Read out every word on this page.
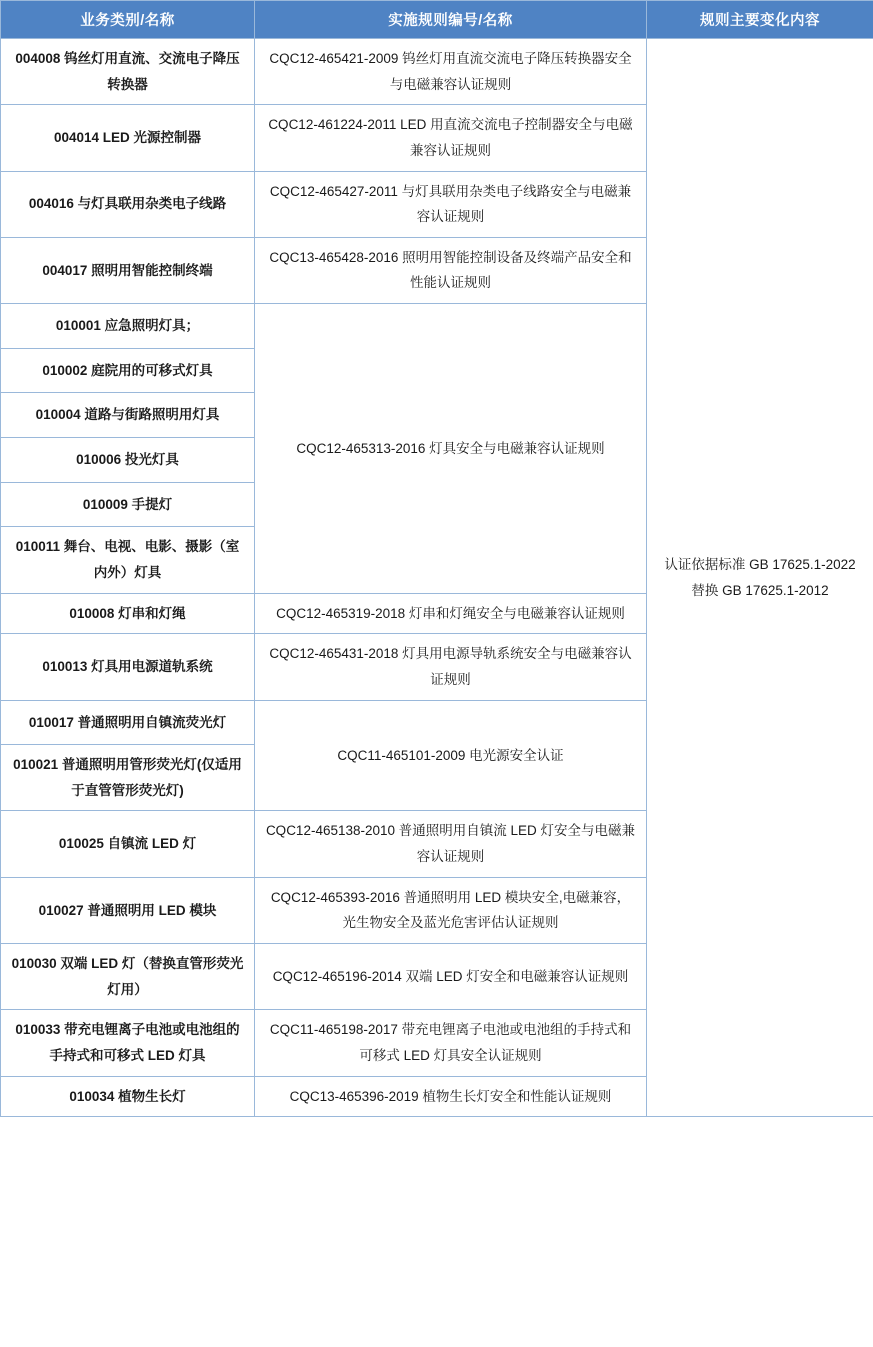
业务类别/名称	实施规则编号/名称	规则主要变化内容
004008 钨丝灯用直流、交流电子降压转换器	CQC12-465421-2009 钨丝灯用直流交流电子降压转换器安全与电磁兼容认证规则	认证依据标准 GB 17625.1-2022 替换 GB 17625.1-2012
004014 LED 光源控制器	CQC12-461224-2011 LED 用直流交流电子控制器安全与电磁兼容认证规则	
004016 与灯具联用杂类电子线路	CQC12-465427-2011 与灯具联用杂类电子线路安全与电磁兼容认证规则	
004017 照明用智能控制终端	CQC13-465428-2016 照明用智能控制设备及终端产品安全和性能认证规则	
010001 应急照明灯具；	CQC12-465313-2016 灯具安全与电磁兼容认证规则	
010002 庭院用的可移式灯具		
010004 道路与街路照明用灯具		
010006 投光灯具		
010009 手提灯		
010011 舞台、电视、电影、摄影（室内外）灯具		
010008 灯串和灯绳	CQC12-465319-2018 灯串和灯绳安全与电磁兼容认证规则	
010013 灯具用电源道轨系统	CQC12-465431-2018 灯具用电源导轨系统安全与电磁兼容认证规则	
010017 普通照明用自镇流荧光灯	CQC11-465101-2009 电光源安全认证	
010021 普通照明用管形荧光灯(仅适用于直管管形荧光灯)		
010025 自镇流 LED 灯	CQC12-465138-2010 普通照明用自镇流 LED 灯安全与电磁兼容认证规则	
010027 普通照明用 LED 模块	CQC12-465393-2016 普通照明用 LED 模块安全,电磁兼容，光生物安全及蓝光危害评估认证规则	
010030 双端 LED 灯（替换直管形荧光灯用）	CQC12-465196-2014 双端 LED 灯安全和电磁兼容认证规则	
010033 带充电锂离子电池或电池组的手持式和可移式 LED 灯具	CQC11-465198-2017 带充电锂离子电池或电池组的手持式和可移式 LED 灯具安全认证规则	
010034 植物生长灯	CQC13-465396-2019 植物生长灯安全和性能认证规则	
